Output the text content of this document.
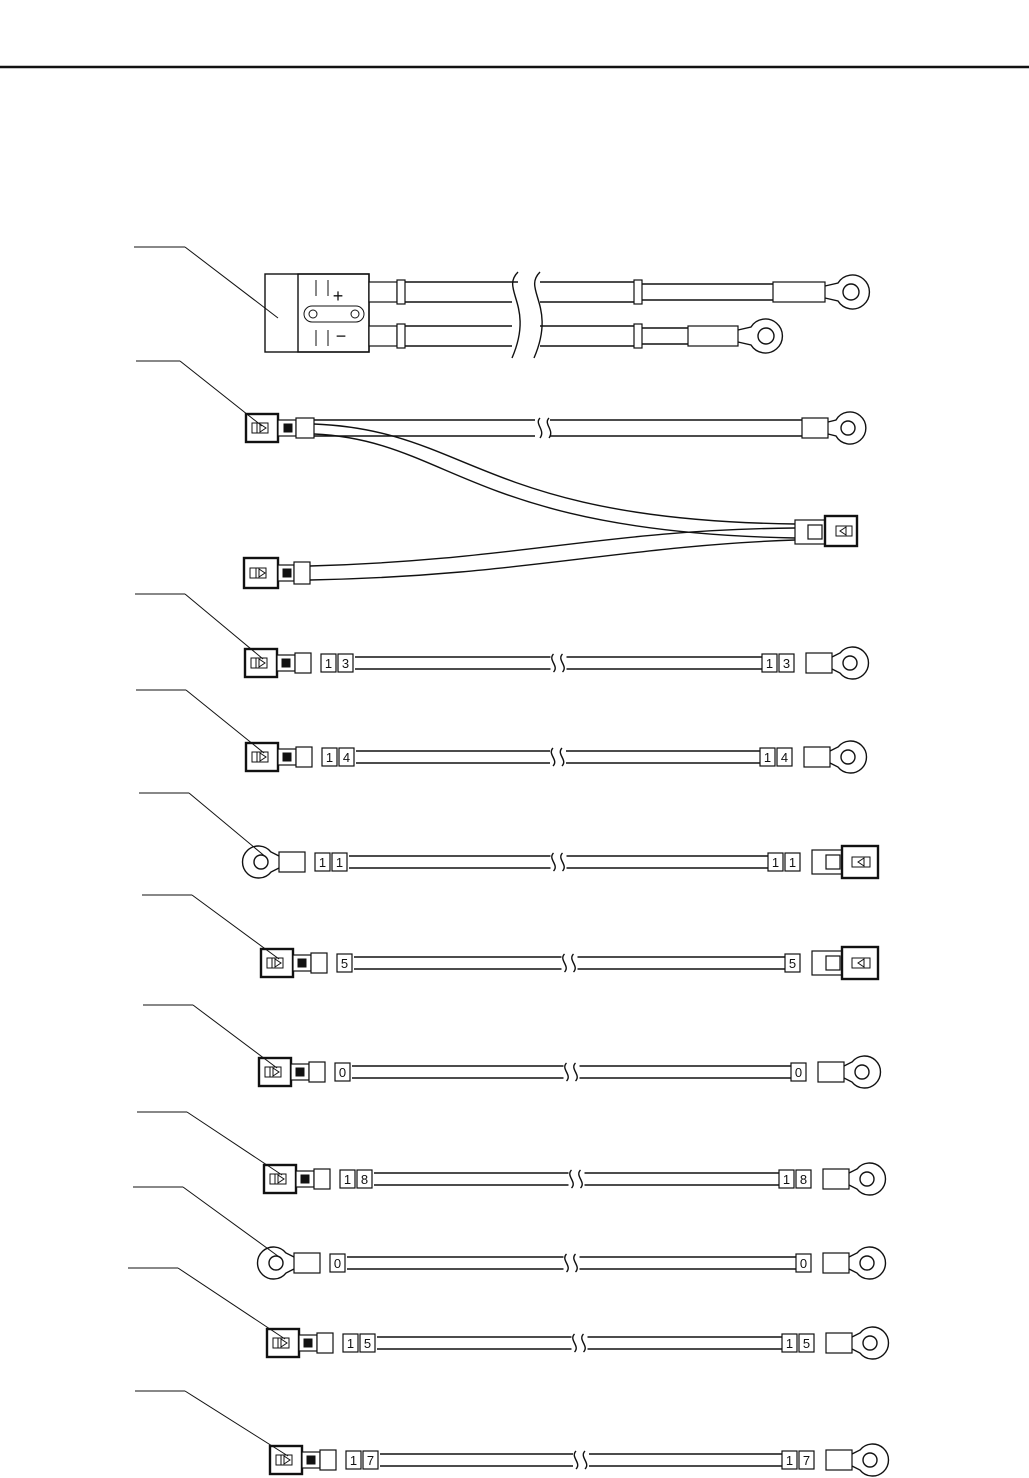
+
−
1 3	1 3
1 4	1 4
1 1	1 1
5	5
0	0
1 8	1 8
0	0
1 5	1 5
1 7	1 7
